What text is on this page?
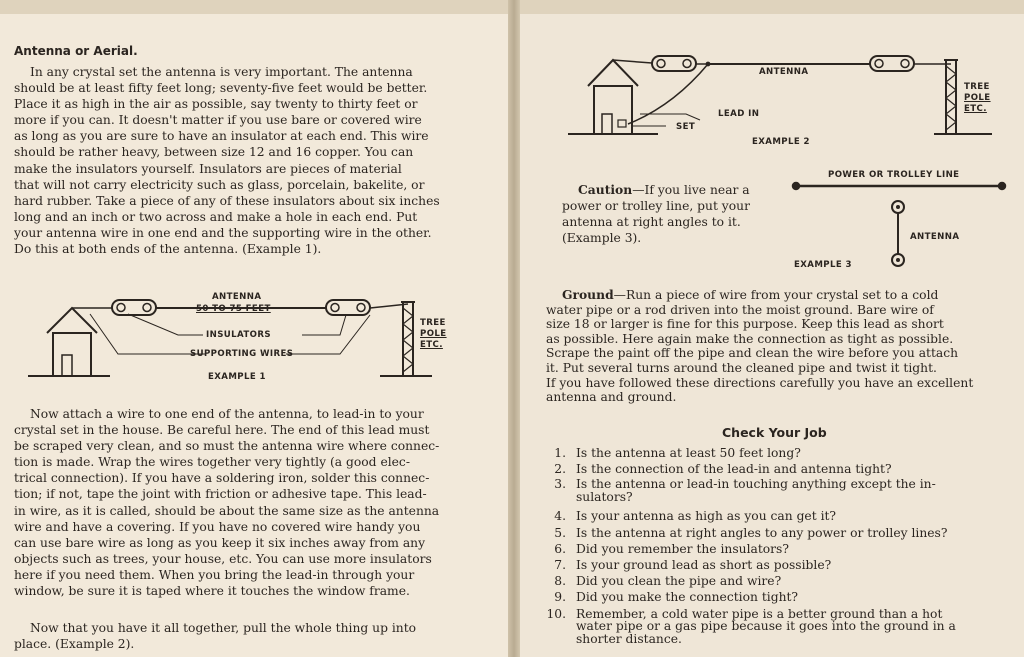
Antenna or Aerial.

In any crystal set the antenna is very important. The antenna
should be at least fifty feet long; seventy-five feet would be better.
Place it as high in the air as possible, say twenty to thirty feet or
more if you can. It doesn't matter if you use bare or covered wire
as long as you are sure to have an insulator at each end. This wire
should be rather heavy, between size 12 and 16 copper. You can
make the insulators yourself. Insulators are pieces of material
that will not carry electricity such as glass, porcelain, bakelite, or
hard rubber. Take a piece of any of these insulators about six inches
long and an inch or two across and make a hole in each end. Put
your antenna wire in one end and the supporting wire in the other.
Do this at both ends of the antenna. (Example 1).

ANTENNA
50 TO 75 FEET
INSULATORS
SUPPORTING WIRES
TREE
POLE
ETC.
EXAMPLE 1

Now attach a wire to one end of the antenna, to lead-in to your
crystal set in the house. Be careful here. The end of this lead must
be scraped very clean, and so must the antenna wire where connec-
tion is made. Wrap the wires together very tightly (a good elec-
trical connection). If you have a soldering iron, solder this connec-
tion; if not, tape the joint with friction or adhesive tape. This lead-
in wire, as it is called, should be about the same size as the antenna
wire and have a covering. If you have no covered wire handy you
can use bare wire as long as you keep it six inches away from any
objects such as trees, your house, etc. You can use more insulators
here if you need them. When you bring the lead-in through your
window, be sure it is taped where it touches the window frame.

Now that you have it all together, pull the whole thing up into
place. (Example 2).

ANTENNA
LEAD IN
SET
EXAMPLE 2
TREE
POLE
ETC.

Caution—If you live near a
power or trolley line, put your
antenna at right angles to it.
(Example 3).

POWER OR TROLLEY LINE
ANTENNA
EXAMPLE 3

Ground—Run a piece of wire from your crystal set to a cold
water pipe or a rod driven into the moist ground. Bare wire of
size 18 or larger is fine for this purpose. Keep this lead as short
as possible. Here again make the connection as tight as possible.
Scrape the paint off the pipe and clean the wire before you attach
it. Put several turns around the cleaned pipe and twist it tight.
If you have followed these directions carefully you have an excellent
antenna and ground.

Check Your Job
1. Is the antenna at least 50 feet long?
2. Is the connection of the lead-in and antenna tight?
3. Is the antenna or lead-in touching anything except the in-
sulators?
4. Is your antenna as high as you can get it?
5. Is the antenna at right angles to any power or trolley lines?
6. Did you remember the insulators?
7. Is your ground lead as short as possible?
8. Did you clean the pipe and wire?
9. Did you make the connection tight?
10. Remember, a cold water pipe is a better ground than a hot
water pipe or a gas pipe because it goes into the ground in a
shorter distance.
